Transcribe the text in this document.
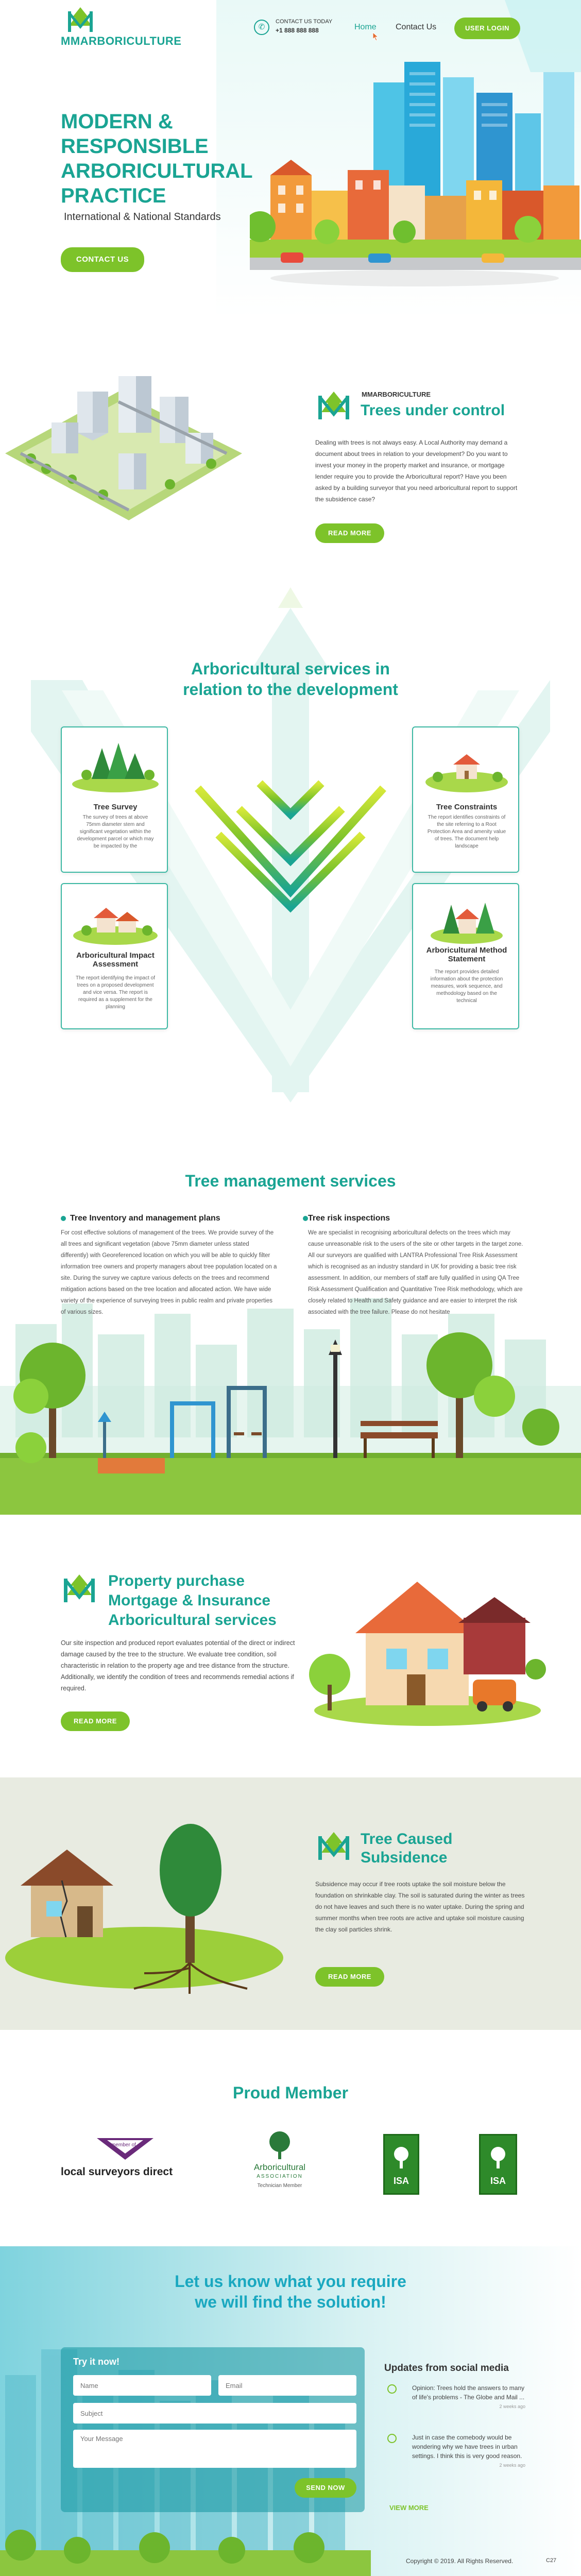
MMARBORICULTURE
✆
CONTACT US TODAY
+1 888 888 888	Home Contact Us	USER LOGIN
MODERN & RESPONSIBLE ARBORICULTURAL PRACTICE
International & National Standards
CONTACT US
MMARBORICULTURE
Trees under control

Dealing with trees is not always easy. A Local Authority may demand a document about trees in relation to your development? Do you want to invest your money in the property market and insurance, or mortgage lender require you to provide the Arboricultural report? Have you been asked by a building surveyor that you need arboricultural report to support the subsidence case?

READ MORE
Arboricultural services in
relation to the development
Tree Survey
The survey of trees at above 75mm diameter stem and significant vegetation within the development parcel or which may be impacted by the
Tree Constraints
The report identifies constraints of the site referring to a Root Protection Area and amenity value of trees. The document help landscape
Arboricultural Impact Assessment
The report identifying the impact of trees on a proposed development and vice versa. The report is required as a supplement for the planning
Arboricultural Method Statement
The report provides detailed information about the protection measures, work sequence, and methodology based on the technical
Tree management services
Tree Inventory and management plans

For cost effective solutions of management of the trees. We provide survey of the all trees and significant vegetation (above 75mm diameter unless stated differently) with Georeferenced location on which you will be able to quickly filter information tree owners and property managers about tree population located on a site. During the survey we capture various defects on the trees and recommend mitigation actions based on the tree location and allocated action. We have wide variety of the experience of surveying trees in public realm and private properties of various sizes.

Tree risk inspections

We are specialist in recognising arboricultural defects on the trees which may cause unreasonable risk to the users of the site or other targets in the target zone. All our surveyors are qualified with LANTRA Professional Tree Risk Assessment which is recognised as an industry standard in UK for providing a basic tree risk assessment. In addition, our members of staff are fully qualified in using QA Tree Risk Assessment Qualification and Quantitative Tree Risk methodology, which are closely related to Health and Safety guidance and are easier to interpret the risk associated with the tree failure. Please do not hesitate

Property purchase
Mortgage & Insurance
Arboricultural services

Our site inspection and produced report evaluates potential of the direct or indirect damage caused by the tree to the structure. We evaluate tree condition, soil characteristic in relation to the property age and tree distance from the structure. Additionally, we identify the condition of trees and recommends remedial actions if required.

READ MORE
Tree Caused
Subsidence

Subsidence may occur if tree roots uptake the soil moisture below the foundation on shrinkable clay. The soil is saturated during the winter as trees do not have leaves and such there is no water uptake. During the spring and summer months when tree roots are active and uptake soil moisture causing the clay soil particles shrink.

READ MORE
Proud Member
member of
local surveyors direct	Arboricultural
ASSOCIATION
Technician Member	ISA	ISA
Let us know what you require
we will find the solution!
Try it now!
Name
Email
Subject
Your Message
SEND NOW
Updates from social media
Opinion: Trees hold the answers to many of life's problems - The Globe and Mail ...
2 weeks ago
Just in case the comebody would be wondering why we have trees in urban settings. I think this is very good reason.
2 weeks ago
VIEW MORE
Copyright © 2019. All Rights Reserved.	C27
